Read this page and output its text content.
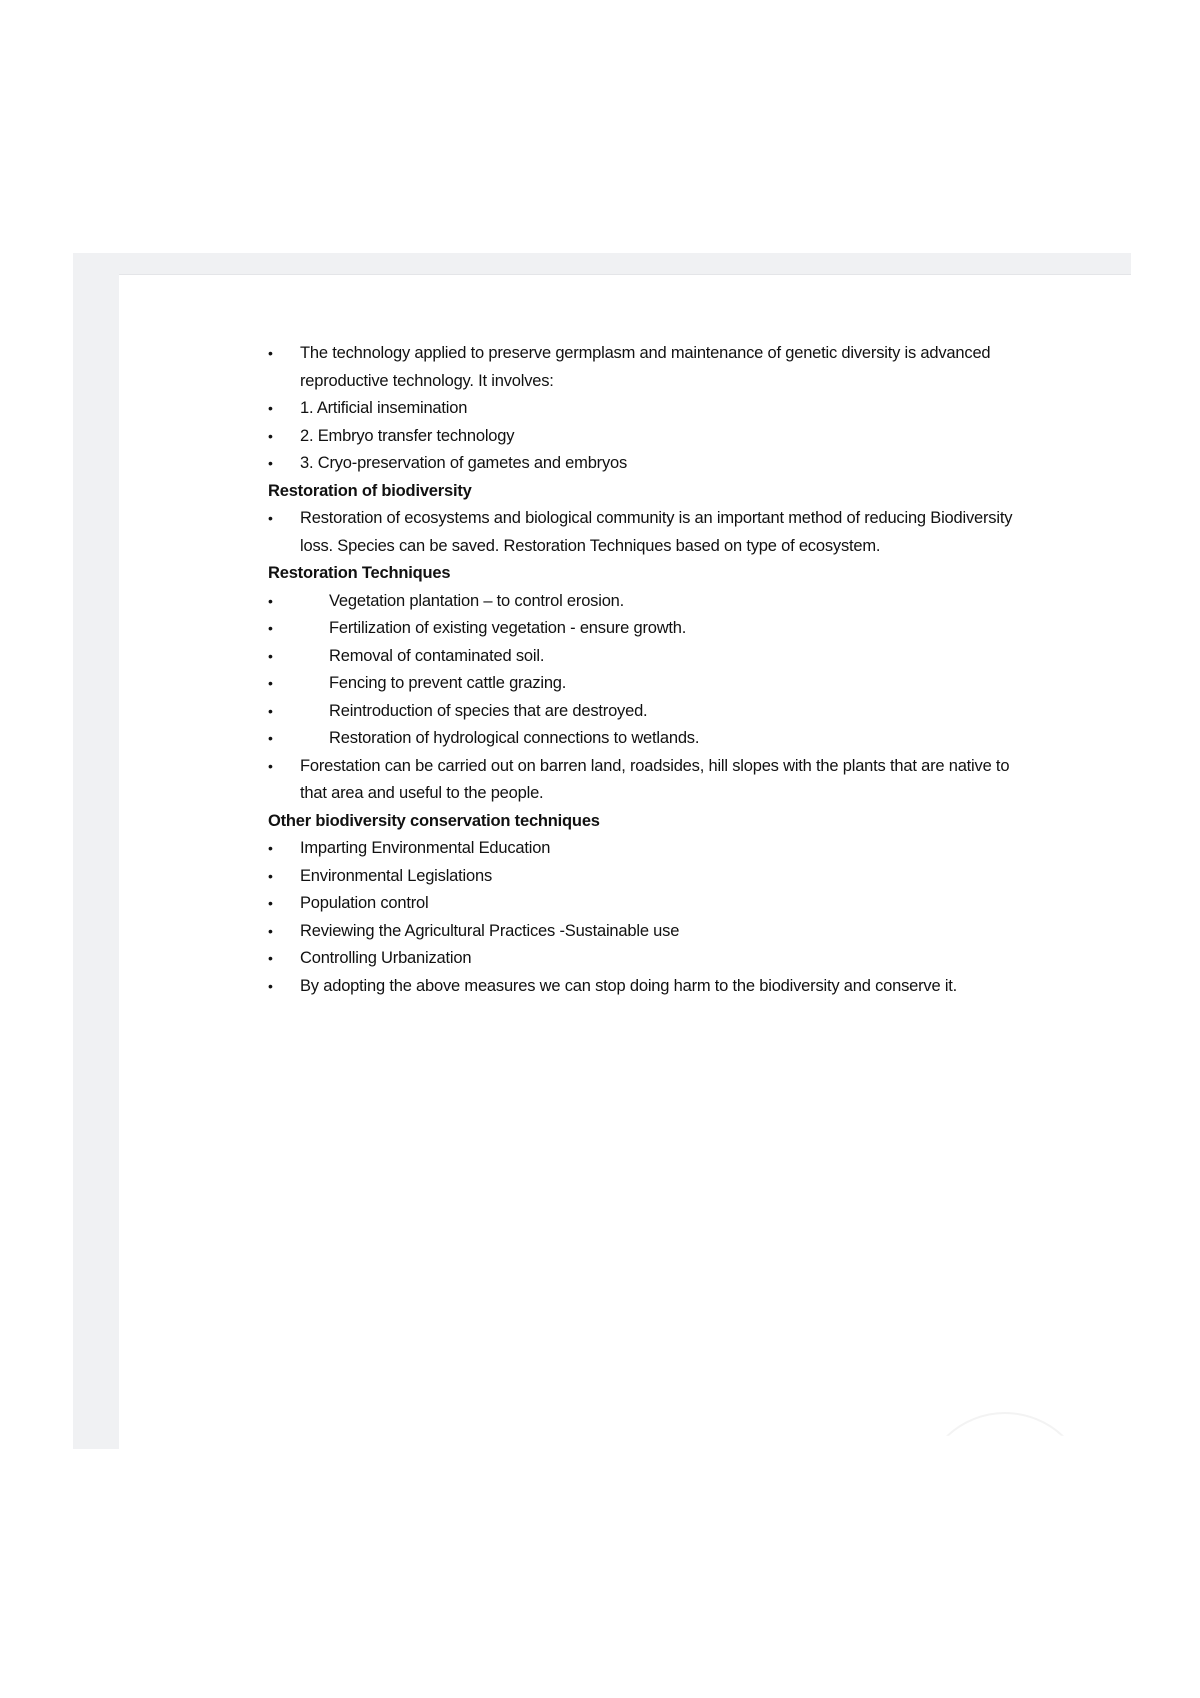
•	The technology applied to preserve germplasm and maintenance of genetic diversity is advanced
reproductive technology. It involves:
•	1. Artificial insemination
•	2. Embryo transfer technology
•	3. Cryo-preservation of gametes and embryos
Restoration of biodiversity
•	Restoration of ecosystems and biological community is an important method of reducing Biodiversity
loss. Species can be saved. Restoration Techniques based on type of ecosystem.
Restoration Techniques
•	Vegetation plantation – to control erosion.
•	Fertilization of existing vegetation - ensure growth.
•	Removal of contaminated soil.
•	Fencing to prevent cattle grazing.
•	Reintroduction of species that are destroyed.
•	Restoration of hydrological connections to wetlands.
•	Forestation can be carried out on barren land, roadsides, hill slopes with the plants that are native to
that area and useful to the people.
Other biodiversity conservation techniques
•	Imparting Environmental Education
•	Environmental Legislations
•	Population control
•	Reviewing the Agricultural Practices -Sustainable use
•	Controlling Urbanization
•	By adopting the above measures we can stop doing harm to the biodiversity and conserve it.
